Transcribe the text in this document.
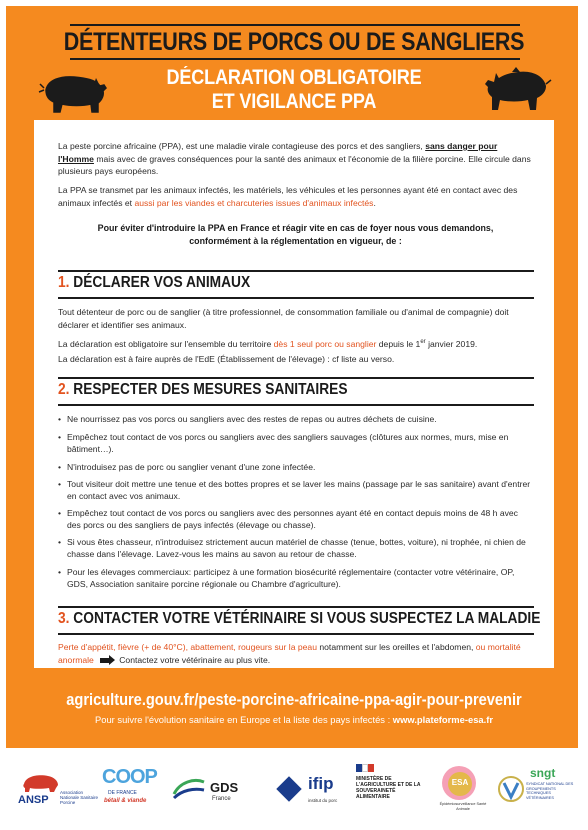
DÉTENTEURS DE PORCS OU DE SANGLIERS
DÉCLARATION OBLIGATOIRE
ET VIGILANCE PPA
La peste porcine africaine (PPA), est une maladie virale contagieuse des porcs et des sangliers, sans danger pour l'Homme mais avec de graves conséquences pour la santé des animaux et l'économie de la filière porcine. Elle circule dans plusieurs pays européens.
La PPA se transmet par les animaux infectés, les matériels, les véhicules et les personnes ayant été en contact avec des animaux infectés et aussi par les viandes et charcuteries issues d'animaux infectés.
Pour éviter d'introduire la PPA en France et réagir vite en cas de foyer nous vous demandons,
conformément à la réglementation en vigueur, de :
1. DÉCLARER VOS ANIMAUX
Tout détenteur de porc ou de sanglier (à titre professionnel, de consommation familiale ou d'animal de compagnie) doit déclarer et identifier ses animaux.
La déclaration est obligatoire sur l'ensemble du territoire dès 1 seul porc ou sanglier depuis le 1er janvier 2019.
La déclaration est à faire auprès de l'EdE (Établissement de l'élevage) : cf liste au verso.
2. RESPECTER DES MESURES SANITAIRES
• Ne nourrissez pas vos porcs ou sangliers avec des restes de repas ou autres déchets de cuisine.
• Empêchez tout contact de vos porcs ou sangliers avec des sangliers sauvages (clôtures aux normes, murs, mise en bâtiment…).
• N'introduisez pas de porc ou sanglier venant d'une zone infectée.
• Tout visiteur doit mettre une tenue et des bottes propres et se laver les mains (passage par le sas sanitaire) avant d'entrer en contact avec vos animaux.
• Empêchez tout contact de vos porcs ou sangliers avec des personnes ayant été en contact depuis moins de 48 h avec des porcs ou des sangliers de pays infectés (élevage ou chasse).
• Si vous êtes chasseur, n'introduisez strictement aucun matériel de chasse (tenue, bottes, voiture), ni trophée, ni chien de chasse dans l'élevage. Lavez-vous les mains au savon au retour de chasse.
• Pour les élevages commerciaux: participez à une formation biosécurité réglementaire (contacter votre vétérinaire, OP, GDS, Association sanitaire porcine régionale ou Chambre d'agriculture).
3. CONTACTER VOTRE VÉTÉRINAIRE SI VOUS SUSPECTEZ LA MALADIE
Perte d'appétit, fièvre (+ de 40°C), abattement, rougeurs sur la peau notamment sur les oreilles et l'abdomen, ou mortalité anormale	Contactez votre vétérinaire au plus vite.
agriculture.gouv.fr/peste-porcine-africaine-ppa-agir-pour-prevenir
Pour suivre l'évolution sanitaire en Europe et la liste des pays infectés : www.plateforme-esa.fr
ANSP
Association Nationale Sanitaire Porcine
COOP
DE FRANCE
bétail & viande
GDS
France
ifip
institut du porc
MINISTÈRE DE L'AGRICULTURE ET DE LA SOUVERAINETÉ ALIMENTAIRE
ESA
Épidémiosurveillance Santé Animale
sngt
SYNDICAT NATIONAL DES GROUPEMENTS TECHNIQUES VÉTÉRINAIRES
